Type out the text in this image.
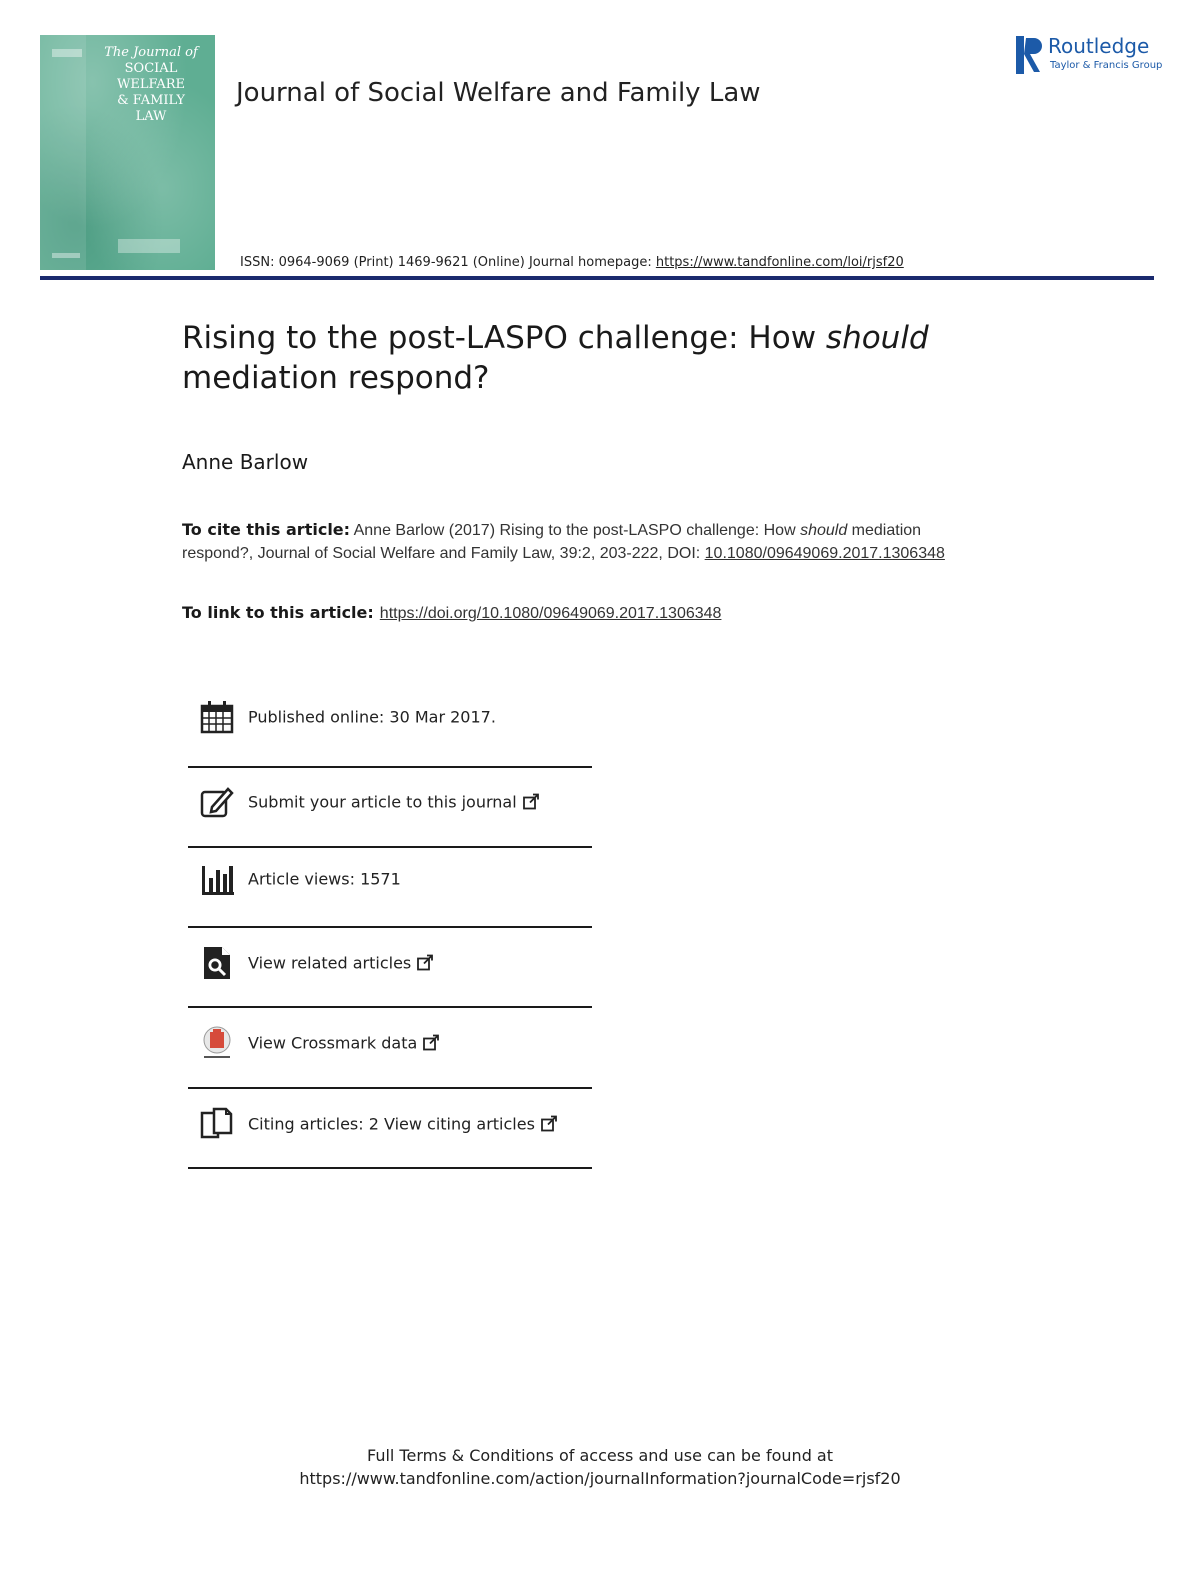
The Journal of
SOCIAL
WELFARE
& FAMILY
LAW
Journal of Social Welfare and Family Law
Routledge
Taylor & Francis Group
ISSN: 0964-9069 (Print) 1469-9621 (Online) Journal homepage: https://www.tandfonline.com/loi/rjsf20
Rising to the post-LASPO challenge: How should mediation respond?
Anne Barlow
To cite this article: Anne Barlow (2017) Rising to the post-LASPO challenge: How should mediation respond?, Journal of Social Welfare and Family Law, 39:2, 203-222, DOI: 10.1080/09649069.2017.1306348
To link to this article: https://doi.org/10.1080/09649069.2017.1306348
Published online: 30 Mar 2017.
Submit your article to this journal
Article views: 1571
View related articles
View Crossmark data
Citing articles: 2 View citing articles
Full Terms & Conditions of access and use can be found at
https://www.tandfonline.com/action/journalInformation?journalCode=rjsf20
